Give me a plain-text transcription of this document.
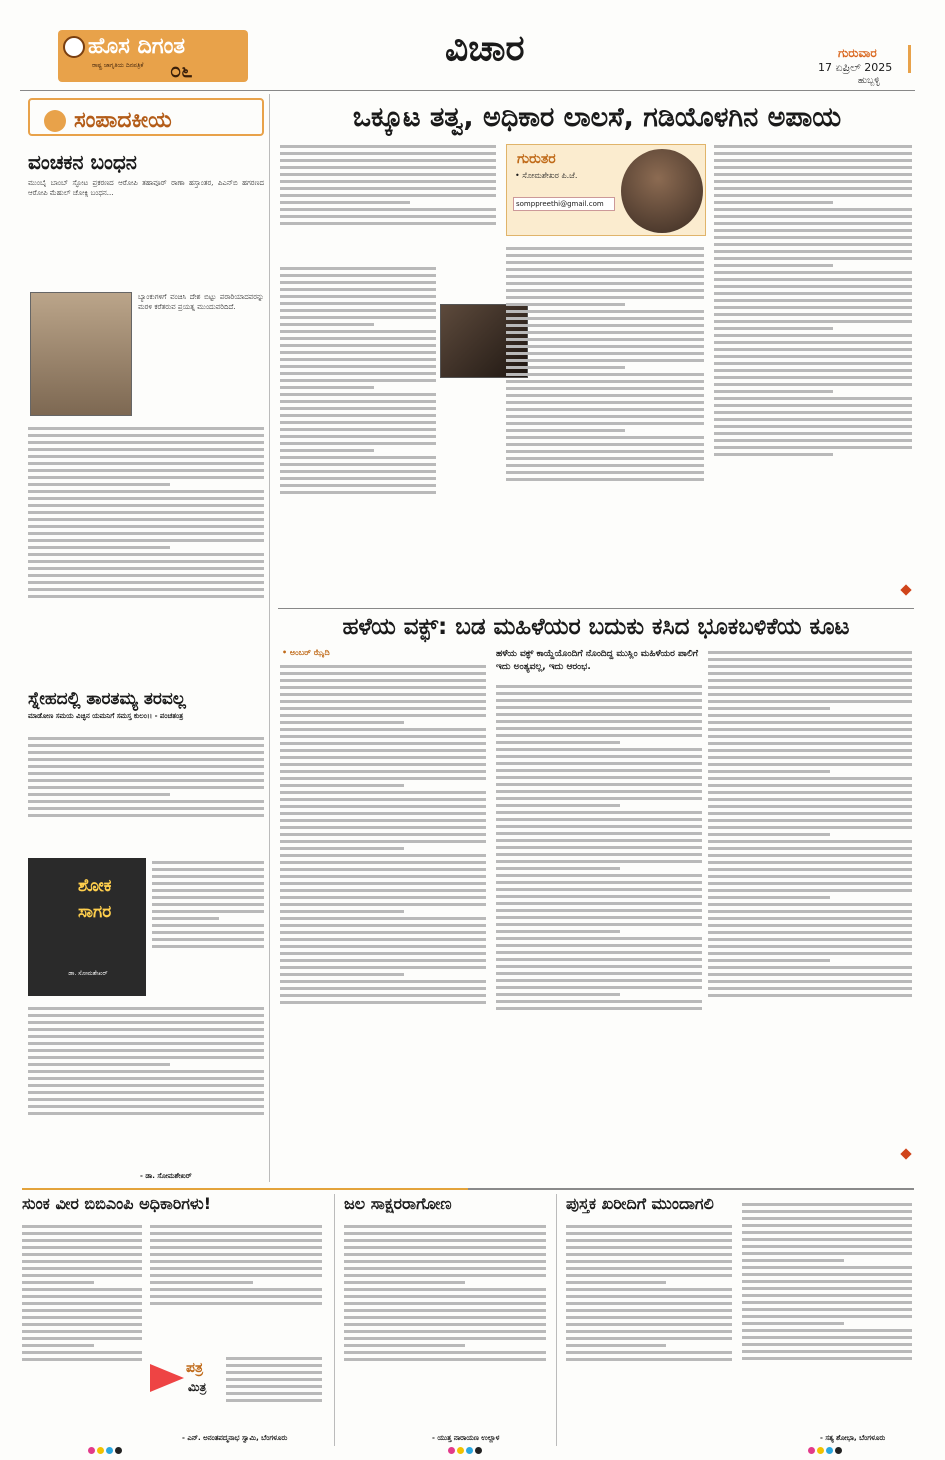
ಹೊಸ ದಿಗಂತ
ರಾಷ್ಟ್ರ ಜಾಗೃತಿಯ ದಿನಪತ್ರಿಕೆ ೦೬
ವಿಚಾರ	ಗುರುವಾರ
17 ಏಪ್ರಿಲ್ 2025
ಹುಬ್ಬಳ್ಳಿ
ಸಂಪಾದಕೀಯ
ವಂಚಕನ ಬಂಧನ
ಮುಂಬೈ ಬಾಂಬ್ ಸ್ಫೋಟ ಪ್ರಕರಣದ ಆರೋಪಿ ತಹಾವೂರ್ ರಾಣಾ ಹಸ್ತಾಂತರ, ಪಿಎನ್‌ಬಿ ಹಗರಣದ ಆರೋಪಿ ಮೆಹುಲ್ ಚೋಕ್ಸಿ ಬಂಧನ...
ಬ್ಯಾಂಕುಗಳಿಗೆ ವಂಚಿಸಿ ದೇಶ ಬಿಟ್ಟು ಪರಾರಿಯಾದವರನ್ನು ಮರಳಿ ಕರೆತರುವ ಪ್ರಯತ್ನ ಮುಂದುವರಿದಿದೆ.
ಸ್ನೇಹದಲ್ಲಿ ತಾರತಮ್ಯ ತರವಲ್ಲ
ಮಾಡೋಣ ಸಮಯ ವಿಚ್ಛಿನ ಯಮನಿಗೆ ಸಮಸ್ತ ಕುಲಂ।। - ಪಂಚತಂತ್ರ
ಶೋಕ
ಸಾಗರ
ಡಾ. ಸೋಮಶೇಖರ್
- ಡಾ. ಸೋಮಶೇಖರ್
ಒಕ್ಕೂಟ ತತ್ವ, ಅಧಿಕಾರ ಲಾಲಸೆ, ಗಡಿಯೊಳಗಿನ ಅಪಾಯ
ಗುರುತರ
• ಸೋಮಶೇಖರ ಪಿ.ಜೆ.
somppreethi@gmail.com
ಹಳೆಯ ವಕ್ಫ್: ಬಡ ಮಹಿಳೆಯರ ಬದುಕು ಕಸಿದ ಭೂಕಬಳಿಕೆಯ ಕೂಟ
• ಅಂಬರ್ ಝೈದಿ	ಹಳೆಯ ವಕ್ಫ್ ಕಾಯ್ದೆಯೊಂದಿಗೆ ನೊಂದಿದ್ದ ಮುಸ್ಲಿಂ ಮಹಿಳೆಯರ ಪಾಲಿಗೆ ಇದು ಅಂತ್ಯವಲ್ಲ, ಇದು ಆರಂಭ.
ಸುಂಕ ವೀರ ಬಿಬಿಎಂಪಿ ಅಧಿಕಾರಿಗಳು!
ಪತ್ರ
ಮಿತ್ರ
- ಎನ್. ಅನಂತಪದ್ಮನಾಭ ಸ್ವಾಮಿ, ಬೆಂಗಳೂರು
ಜಲ ಸಾಕ್ಷರರಾಗೋಣ
- ಯುತ್ತ ನಾರಾಯಣ ಉಲ್ಲಾಳ
ಪುಸ್ತಕ ಖರೀದಿಗೆ ಮುಂದಾಗಲಿ
- ಸತ್ಯ ಶೋಭಾ, ಬೆಂಗಳೂರು
